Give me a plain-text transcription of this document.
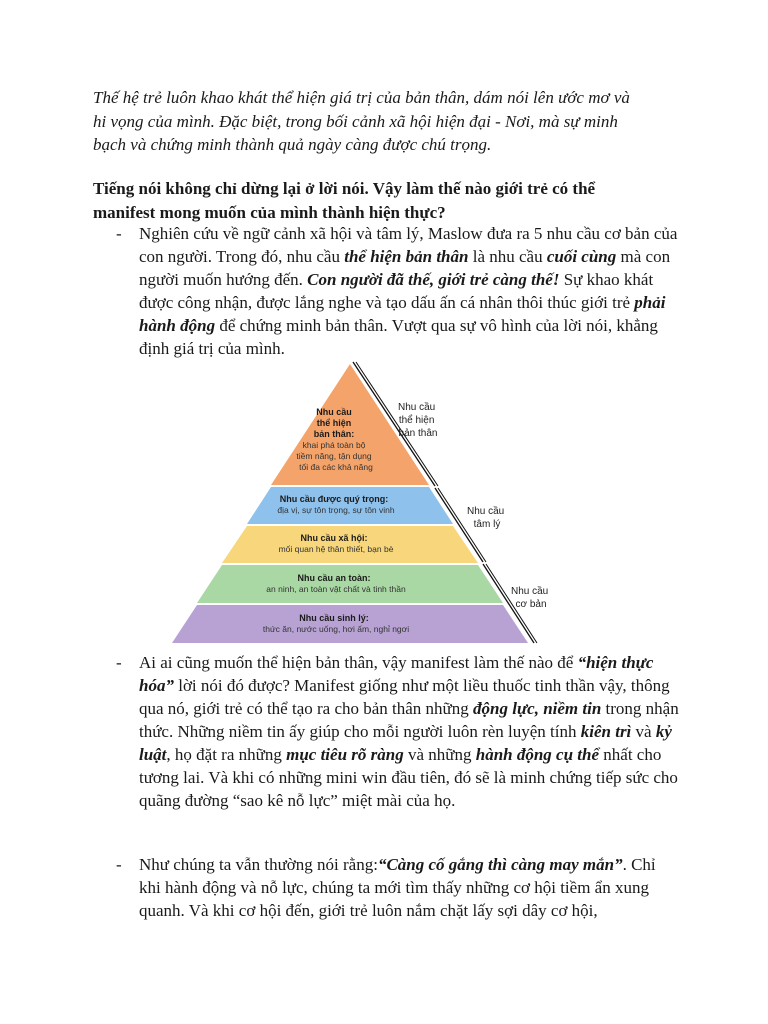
Thế hệ trẻ luôn khao khát thể hiện giá trị của bản thân, dám nói lên ước mơ và
hi vọng của mình. Đặc biệt, trong bối cảnh xã hội hiện đại - Nơi, mà sự minh
bạch và chứng minh thành quả ngày càng được chú trọng.

Tiếng nói không chỉ dừng lại ở lời nói. Vậy làm thế nào giới trẻ có thể
manifest mong muốn của mình thành hiện thực?

- Nghiên cứu về ngữ cảnh xã hội và tâm lý, Maslow đưa ra 5 nhu cầu cơ bản của con người. Trong đó, nhu cầu thể hiện bản thân là nhu cầu cuối cùng mà con người muốn hướng đến. Con người đã thế, giới trẻ càng thế! Sự khao khát được công nhận, được lắng nghe và tạo dấu ấn cá nhân thôi thúc giới trẻ phải hành động để chứng minh bản thân. Vượt qua sự vô hình của lời nói, khẳng định giá trị của mình.

Nhu cầu thể hiện bản thân: khai phá toàn bộ tiềm năng, tận dụng tối đa các khả năng
Nhu cầu được quý trọng: địa vị, sự tôn trọng, sự tôn vinh
Nhu cầu xã hội: mối quan hệ thân thiết, bạn bè
Nhu cầu an toàn: an ninh, an toàn vật chất và tinh thần
Nhu cầu sinh lý: thức ăn, nước uống, hơi ấm, nghỉ ngơi
Nhu cầu thể hiện bản thân
Nhu cầu tâm lý
Nhu cầu cơ bản
- Ai ai cũng muốn thể hiện bản thân, vậy manifest làm thế nào để “hiện thực hóa” lời nói đó được? Manifest giống như một liều thuốc tinh thần vậy, thông qua nó, giới trẻ có thể tạo ra cho bản thân những động lực, niềm tin trong nhận thức. Những niềm tin ấy giúp cho mỗi người luôn rèn luyện tính kiên trì và kỷ luật, họ đặt ra những mục tiêu rõ ràng và những hành động cụ thể nhất cho tương lai. Và khi có những mini win đầu tiên, đó sẽ là minh chứng tiếp sức cho quãng đường “sao kê nỗ lực” miệt mài của họ.

- Như chúng ta vẫn thường nói rằng:“Càng cố gắng thì càng may mắn”. Chỉ khi hành động và nỗ lực, chúng ta mới tìm thấy những cơ hội tiềm ẩn xung quanh. Và khi cơ hội đến, giới trẻ luôn nắm chặt lấy sợi dây cơ hội,
